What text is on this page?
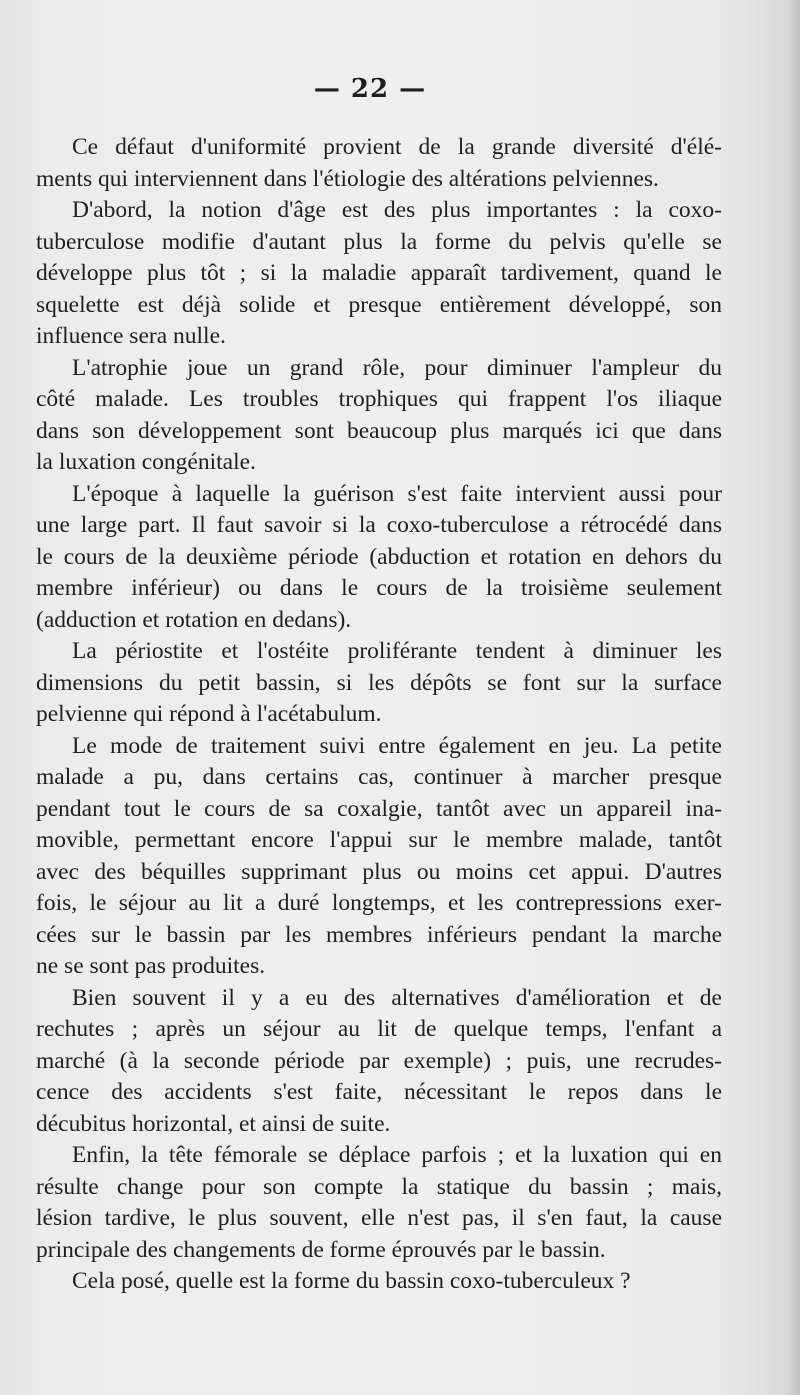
— 22 —
Ce défaut d'uniformité provient de la grande diversité d'élé-
ments qui interviennent dans l'étiologie des altérations pelviennes.
D'abord, la notion d'âge est des plus importantes : la coxo-
tuberculose modifie d'autant plus la forme du pelvis qu'elle se
développe plus tôt ; si la maladie apparaît tardivement, quand le
squelette est déjà solide et presque entièrement développé, son
influence sera nulle.
L'atrophie joue un grand rôle, pour diminuer l'ampleur du
côté malade. Les troubles trophiques qui frappent l'os iliaque
dans son développement sont beaucoup plus marqués ici que dans
la luxation congénitale.
L'époque à laquelle la guérison s'est faite intervient aussi pour
une large part. Il faut savoir si la coxo-tuberculose a rétrocédé dans
le cours de la deuxième période (abduction et rotation en dehors du
membre inférieur) ou dans le cours de la troisième seulement
(adduction et rotation en dedans).
La périostite et l'ostéite proliférante tendent à diminuer les
dimensions du petit bassin, si les dépôts se font sur la surface
pelvienne qui répond à l'acétabulum.
Le mode de traitement suivi entre également en jeu. La petite
malade a pu, dans certains cas, continuer à marcher presque
pendant tout le cours de sa coxalgie, tantôt avec un appareil ina-
movible, permettant encore l'appui sur le membre malade, tantôt
avec des béquilles supprimant plus ou moins cet appui. D'autres
fois, le séjour au lit a duré longtemps, et les contrepressions exer-
cées sur le bassin par les membres inférieurs pendant la marche
ne se sont pas produites.
Bien souvent il y a eu des alternatives d'amélioration et de
rechutes ; après un séjour au lit de quelque temps, l'enfant a
marché (à la seconde période par exemple) ; puis, une recrudes-
cence des accidents s'est faite, nécessitant le repos dans le
décubitus horizontal, et ainsi de suite.
Enfin, la tête fémorale se déplace parfois ; et la luxation qui en
résulte change pour son compte la statique du bassin ; mais,
lésion tardive, le plus souvent, elle n'est pas, il s'en faut, la cause
principale des changements de forme éprouvés par le bassin.
Cela posé, quelle est la forme du bassin coxo-tuberculeux ?
